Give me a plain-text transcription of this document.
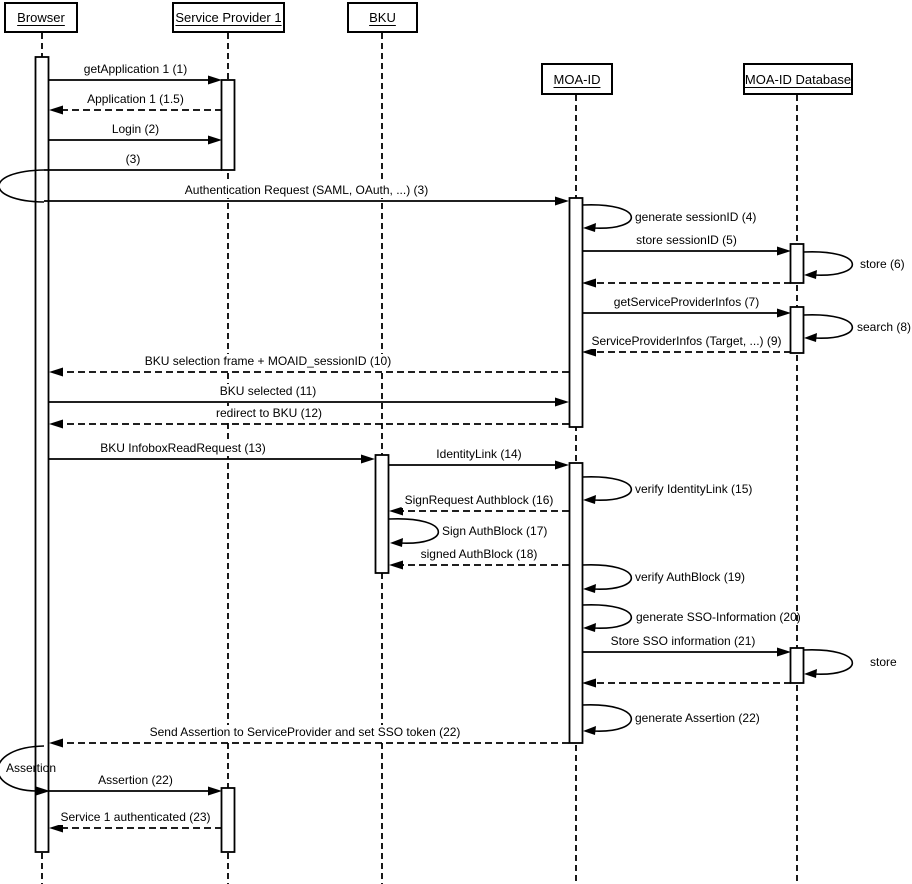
getApplication 1 (1)
Application 1 (1.5)
Login (2)
(3)
Authentication Request (SAML, OAuth, ...) (3)
store sessionID (5)
getServiceProviderInfos (7)
ServiceProviderInfos (Target, ...) (9)
BKU selection frame + MOAID_sessionID (10)
BKU selected (11)
redirect to BKU (12)
BKU InfoboxReadRequest (13)	IdentityLink (14)
SignRequest Authblock (16)
signed AuthBlock (18)
Store SSO information (21)
Send Assertion to ServiceProvider and set SSO token (22)
Assertion (22)
Service 1 authenticated (23)
generate sessionID (4)
store (6)
search (8)
verify IdentityLink (15)
Sign AuthBlock (17)
verify AuthBlock (19)
generate SSO-Information (20)
store
generate Assertion (22)
Assertion
Browser	Service Provider 1	BKU
MOA-ID	MOA-ID Database
